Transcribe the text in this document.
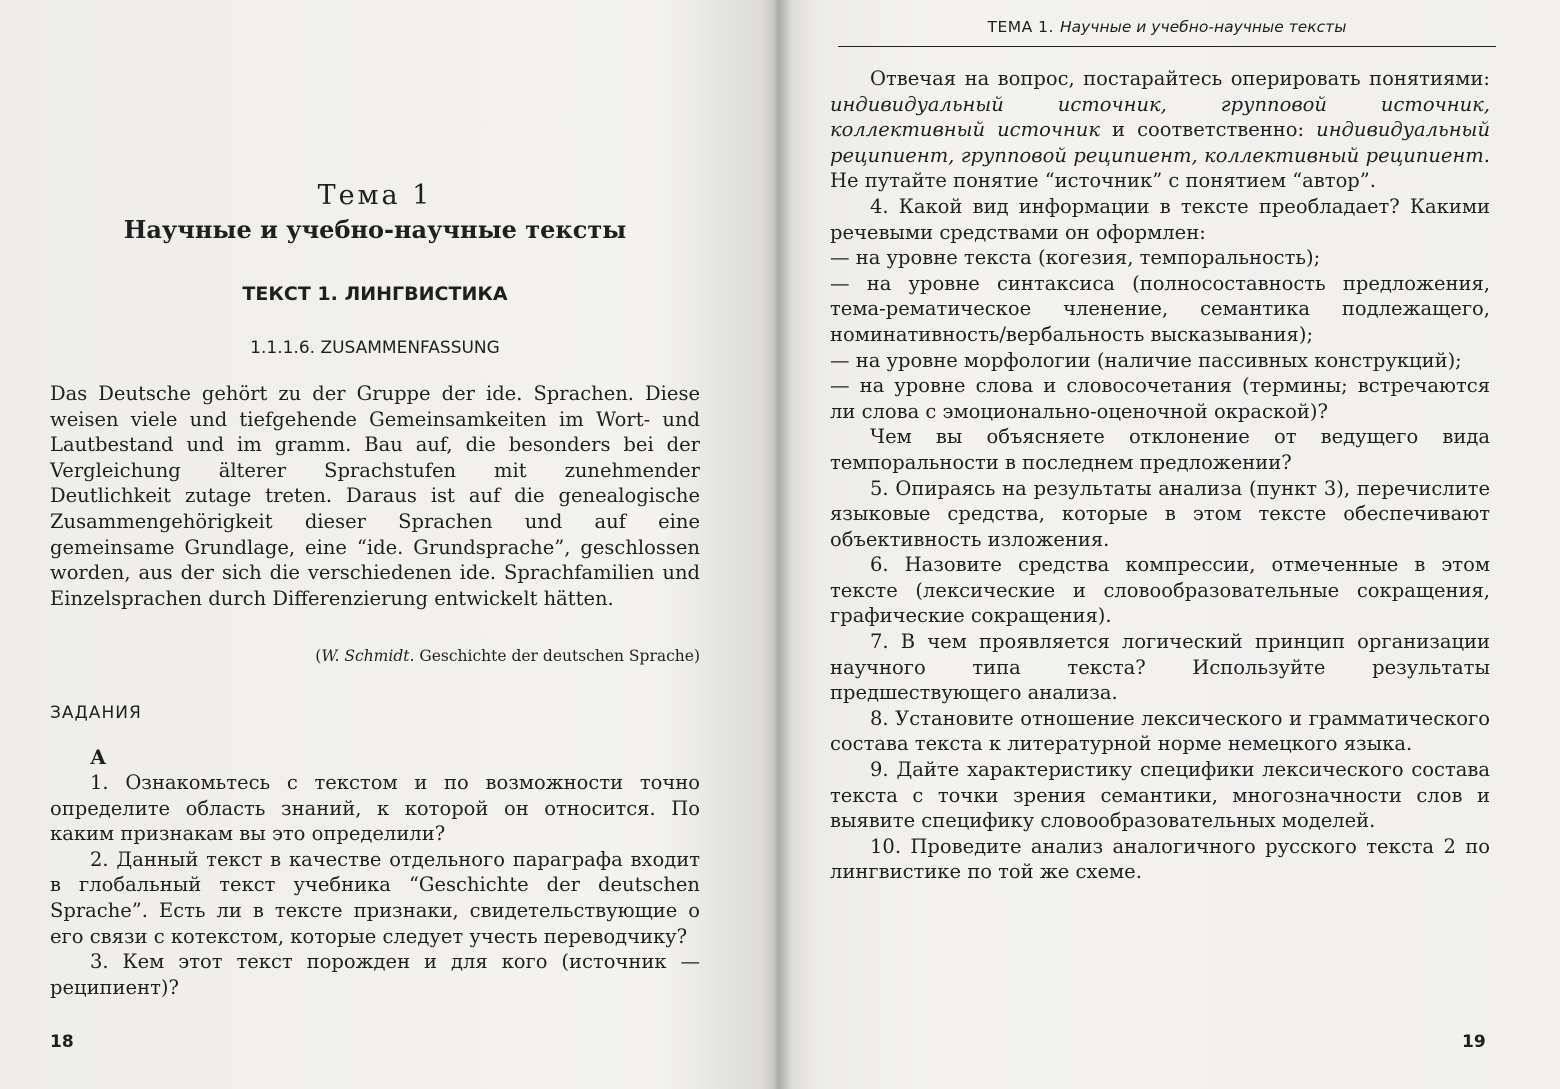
Тема 1
Научные и учебно-научные тексты
ТЕКСТ 1. ЛИНГВИСТИКА
1.1.1.6. ZUSAMMENFASSUNG
Das Deutsche gehört zu der Gruppe der ide. Sprachen. Diese weisen viele und tiefgehende Gemeinsamkeiten im Wort- und Lautbestand und im gramm. Bau auf, die besonders bei der Vergleichung älterer Sprachstufen mit zunehmender Deutlichkeit zutage treten. Daraus ist auf die genealogische Zusammengehörigkeit dieser Sprachen und auf eine gemeinsame Grundlage, eine “ide. Grundsprache”, geschlossen worden, aus der sich die verschiedenen ide. Sprachfamilien und Einzelsprachen durch Differenzierung entwickelt hätten.
(W. Schmidt. Geschichte der deutschen Sprache)
ЗАДАНИЯ
А

1. Ознакомьтесь с текстом и по возможности точно определите область знаний, к которой он относится. По каким признакам вы это определили?

2. Данный текст в качестве отдельного параграфа входит в глобальный текст учебника “Geschichte der deutschen Sprache”. Есть ли в тексте признаки, свидетельствующие о его связи с котекстом, которые следует учесть переводчику?

3. Кем этот текст порожден и для кого (источник — реципиент)?

18
ТЕМА 1. Научные и учебно-научные тексты

Отвечая на вопрос, постарайтесь оперировать понятиями: индивидуальный источник, групповой источник, коллективный источник и соответственно: индивидуальный реципиент, групповой реципиент, коллективный реципиент. Не путайте понятие “источник” с понятием “автор”.

4. Какой вид информации в тексте преобладает? Какими речевыми средствами он оформлен:

— на уровне текста (когезия, темпоральность);

— на уровне синтаксиса (полносоставность предложения, тема-рематическое членение, семантика подлежащего, номинативность/вербальность высказывания);

— на уровне морфологии (наличие пассивных конструкций);

— на уровне слова и словосочетания (термины; встречаются ли слова с эмоционально-оценочной окраской)?

Чем вы объясняете отклонение от ведущего вида темпоральности в последнем предложении?

5. Опираясь на результаты анализа (пункт 3), перечислите языковые средства, которые в этом тексте обеспечивают объективность изложения.

6. Назовите средства компрессии, отмеченные в этом тексте (лексические и словообразовательные сокращения, графические сокращения).

7. В чем проявляется логический принцип организации научного типа текста? Используйте результаты предшествующего анализа.

8. Установите отношение лексического и грамматического состава текста к литературной норме немецкого языка.

9. Дайте характеристику специфики лексического состава текста с точки зрения семантики, многозначности слов и выявите специфику словообразовательных моделей.

10. Проведите анализ аналогичного русского текста 2 по лингвистике по той же схеме.

19
